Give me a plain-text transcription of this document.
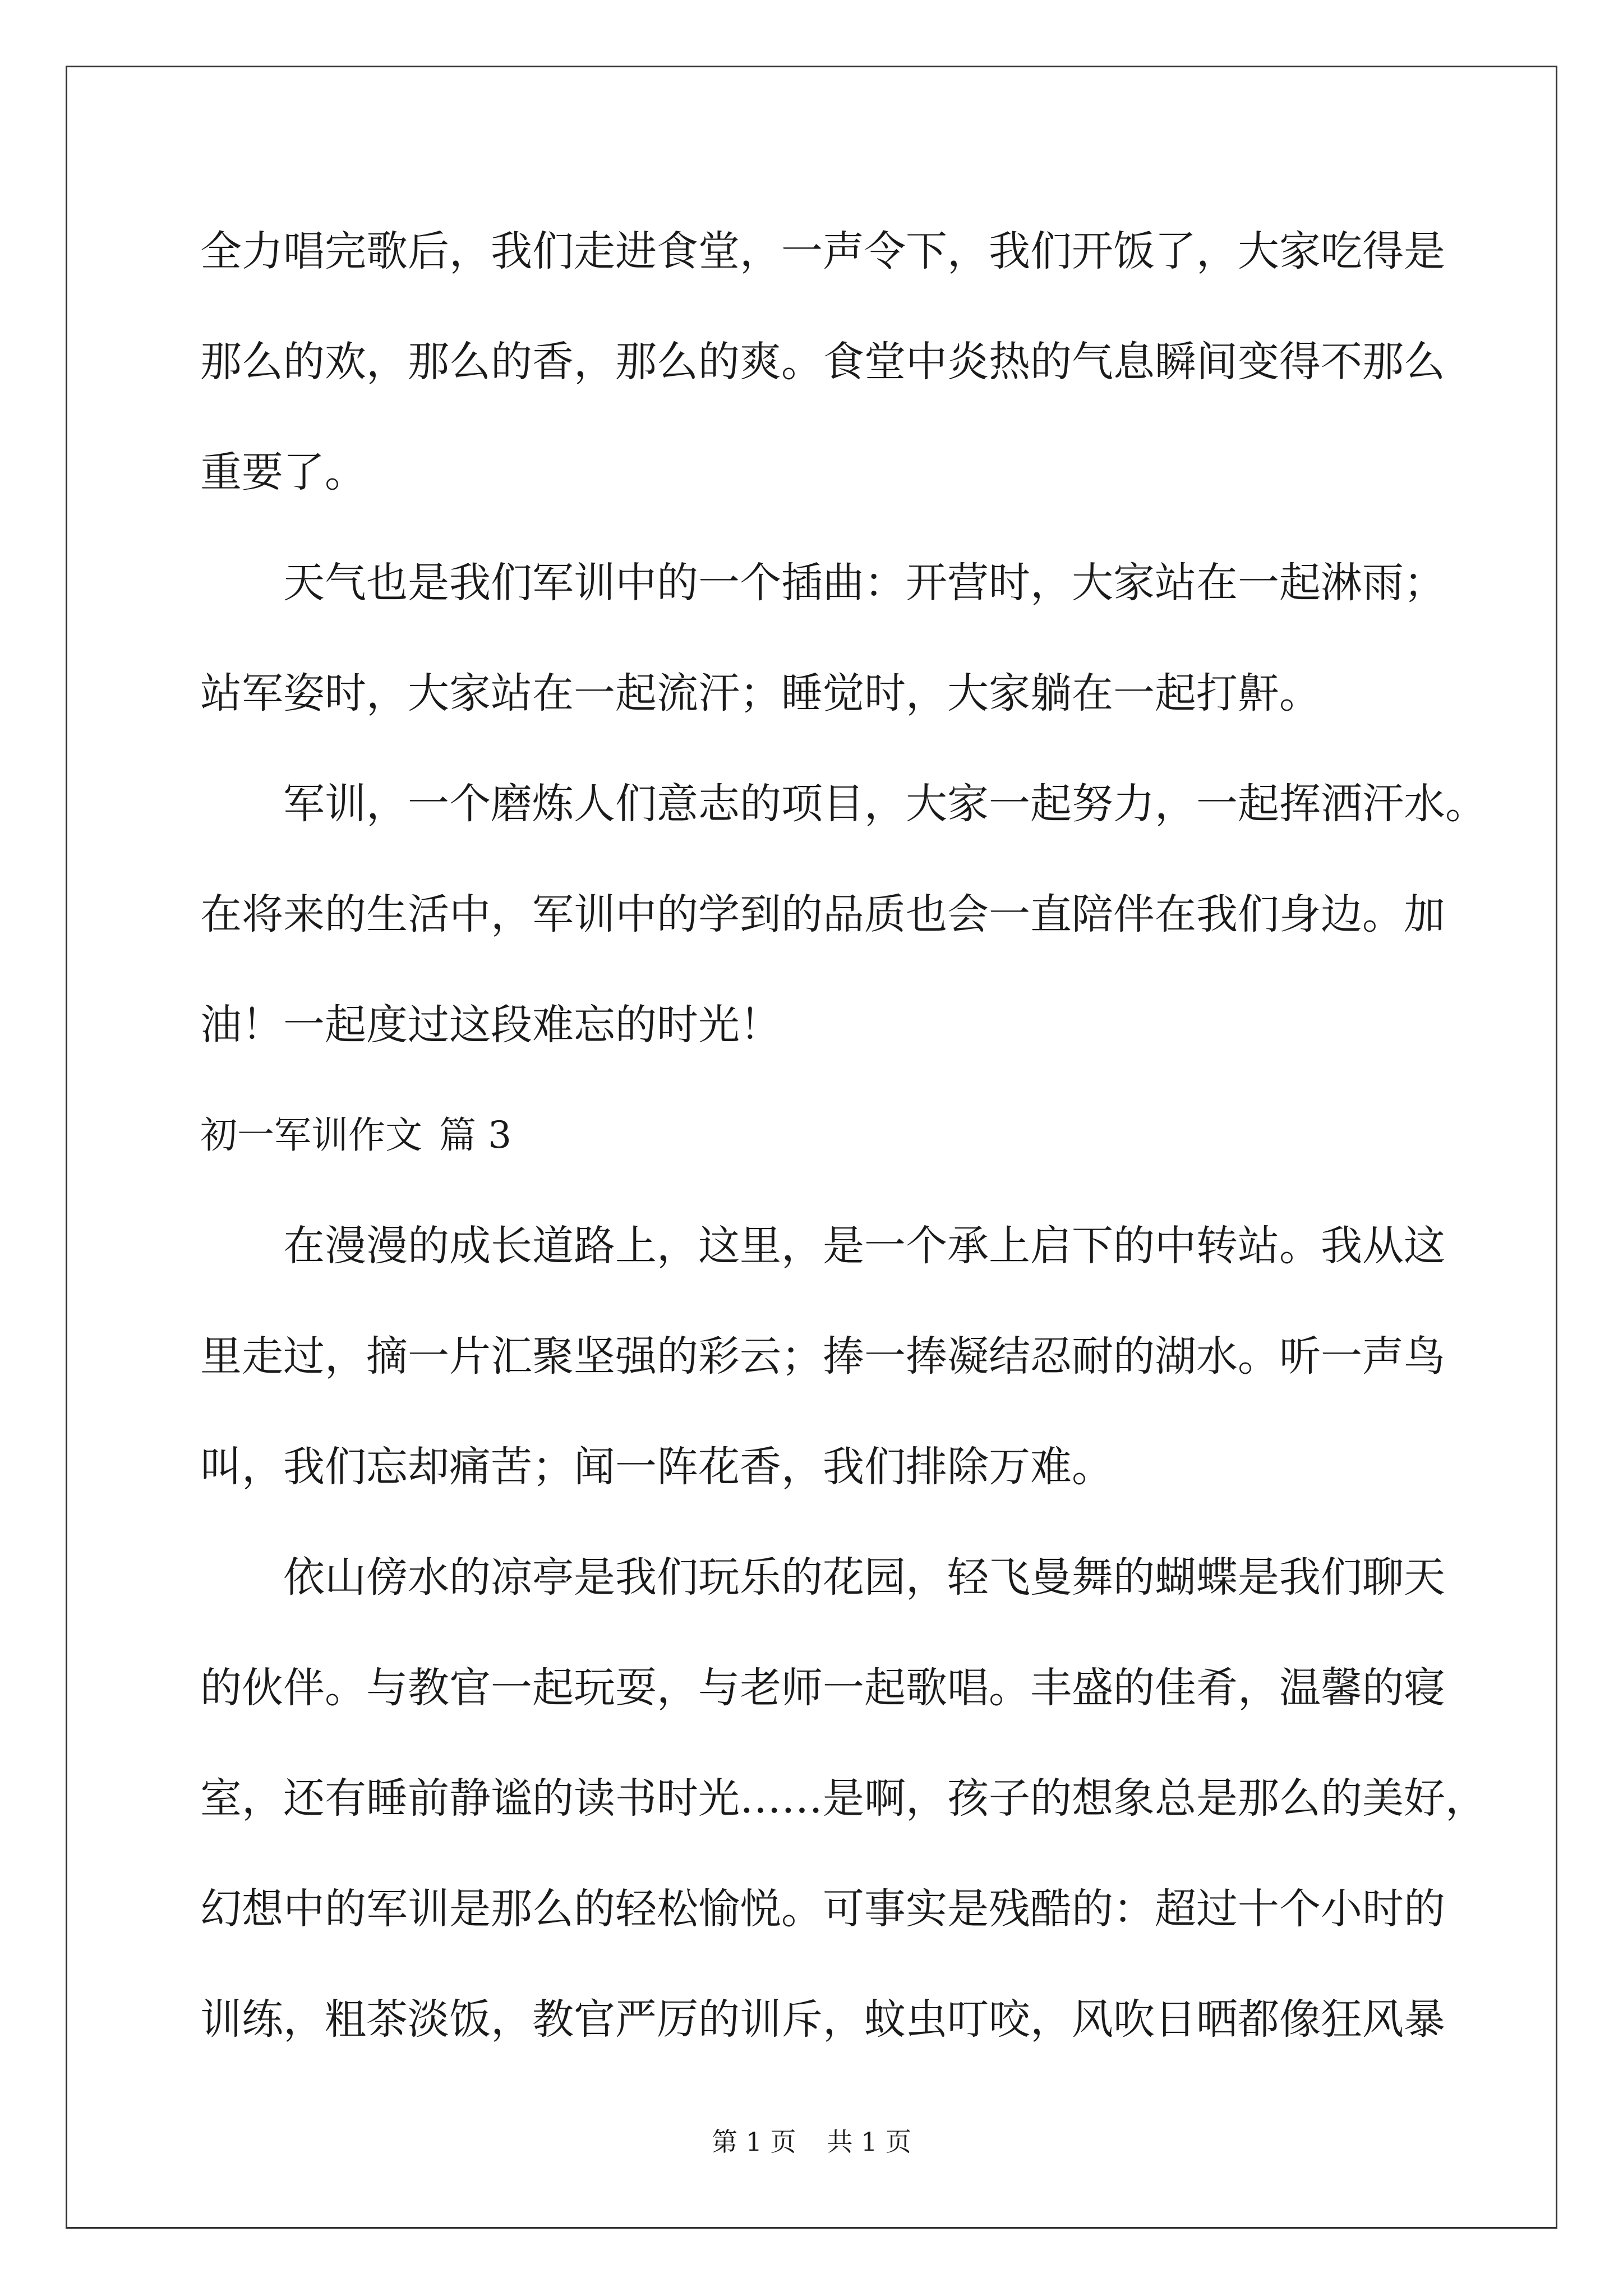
全力唱完歌后，我们走进食堂，一声令下，我们开饭了，大家吃得是
那么的欢，那么的香，那么的爽。食堂中炎热的气息瞬间变得不那么
重要了。
天气也是我们军训中的一个插曲：开营时，大家站在一起淋雨；
站军姿时，大家站在一起流汗；睡觉时，大家躺在一起打鼾。
军训，一个磨炼人们意志的项目，大家一起努力，一起挥洒汗水。
在将来的生活中，军训中的学到的品质也会一直陪伴在我们身边。加
油！一起度过这段难忘的时光！
初一军训作文 篇 3
在漫漫的成长道路上，这里，是一个承上启下的中转站。我从这
里走过，摘一片汇聚坚强的彩云；捧一捧凝结忍耐的湖水。听一声鸟
叫，我们忘却痛苦；闻一阵花香，我们排除万难。
依山傍水的凉亭是我们玩乐的花园，轻飞曼舞的蝴蝶是我们聊天
的伙伴。与教官一起玩耍，与老师一起歌唱。丰盛的佳肴，温馨的寝
室，还有睡前静谧的读书时光……是啊，孩子的想象总是那么的美好，
幻想中的军训是那么的轻松愉悦。可事实是残酷的：超过十个小时的
训练，粗茶淡饭，教官严厉的训斥，蚊虫叮咬，风吹日晒都像狂风暴
第 1 页 共 1 页
